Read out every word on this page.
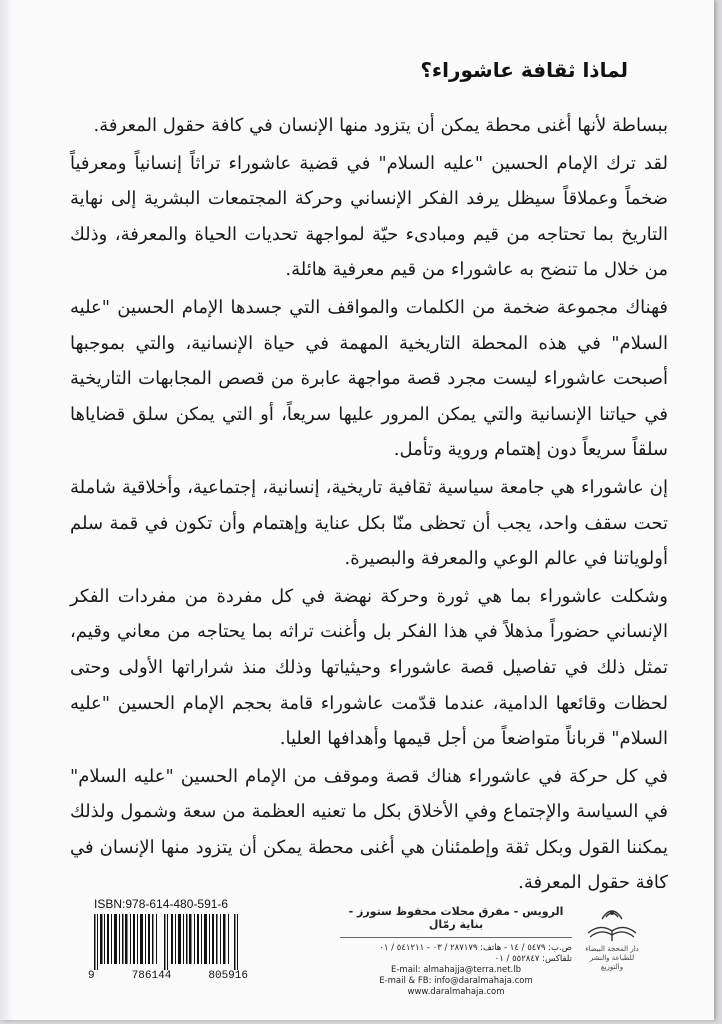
لماذا ثقافة عاشوراء؟

ببساطة لأنها أغنى محطة يمكن أن يتزود منها الإنسان في كافة حقول المعرفة.

لقد ترك الإمام الحسين "عليه السلام" في قضية عاشوراء تراثاً إنسانياً ومعرفياً ضخماً وعملاقاً سيظل يرفد الفكر الإنساني وحركة المجتمعات البشرية إلى نهاية التاريخ بما تحتاجه من قيم ومبادىء حيّة لمواجهة تحديات الحياة والمعرفة، وذلك من خلال ما تنضح به عاشوراء من قيم معرفية هائلة.

فهناك مجموعة ضخمة من الكلمات والمواقف التي جسدها الإمام الحسين "عليه السلام" في هذه المحطة التاريخية المهمة في حياة الإنسانية، والتي بموجبها أصبحت عاشوراء ليست مجرد قصة مواجهة عابرة من قصص المجابهات التاريخية في حياتنا الإنسانية والتي يمكن المرور عليها سريعاً، أو التي يمكن سلق قضاياها سلقاً سريعاً دون إهتمام وروية وتأمل.

إن عاشوراء هي جامعة سياسية ثقافية تاريخية، إنسانية، إجتماعية، وأخلاقية شاملة تحت سقف واحد، يجب أن تحظى منّا بكل عناية وإهتمام وأن تكون في قمة سلم أولوياتنا في عالم الوعي والمعرفة والبصيرة.

وشكلت عاشوراء بما هي ثورة وحركة نهضة في كل مفردة من مفردات الفكر الإنساني حضوراً مذهلاً في هذا الفكر بل وأغنت تراثه بما يحتاجه من معاني وقيم، تمثل ذلك في تفاصيل قصة عاشوراء وحيثياتها وذلك منذ شراراتها الأولى وحتى لحظات وقائعها الدامية، عندما قدّمت عاشوراء قامة بحجم الإمام الحسين "عليه السلام" قرباناً متواضعاً من أجل قيمها وأهدافها العليا.

في كل حركة في عاشوراء هناك قصة وموقف من الإمام الحسين "عليه السلام" في السياسة والإجتماع وفي الأخلاق بكل ما تعنيه العظمة من سعة وشمول ولذلك يمكننا القول وبكل ثقة وإطمئنان هي أغنى محطة يمكن أن يتزود منها الإنسان في كافة حقول المعرفة.

ISBN:978-614-480-591-6
9	786144	805916
الرويس - مفرق محلات محفوظ ستورز - بناية رمّال
ص.ب: ٥٤٧٩ / ١٤ - هاتف: ٢٨٧١٧٩ / ٠٣ - ٥٤١٢١١ / ٠١
تلفاكس: ٥٥٢٨٤٧ / ٠١
E-mail: almahajja@terra.net.lb
E-mail & FB: info@daralmahaja.com
www.daralmahaja.com
دار المحجة البيضاء
للطباعة والنشر والتوزيع
